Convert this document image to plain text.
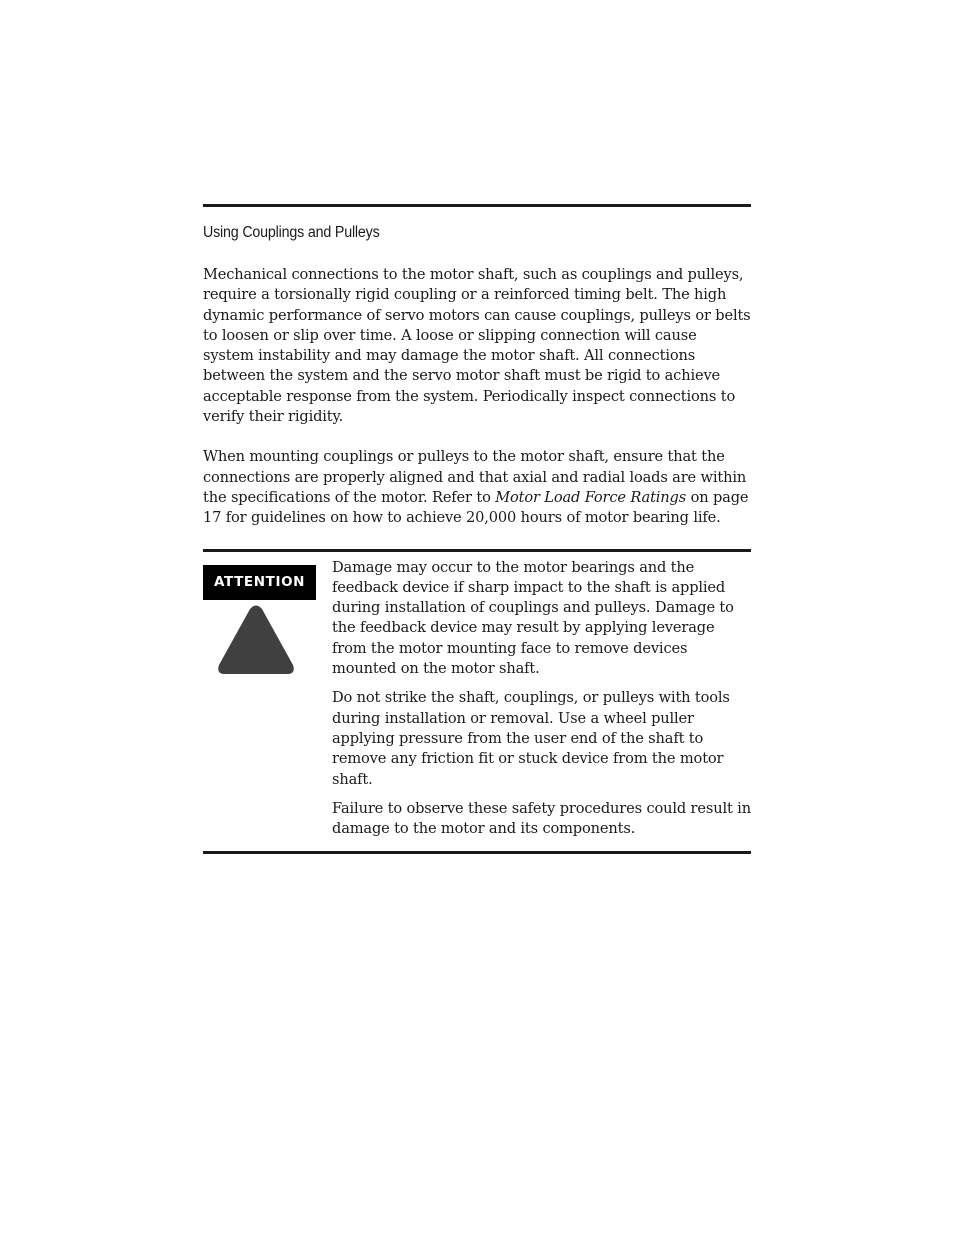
Using Couplings and Pulleys

Mechanical connections to the motor shaft, such as couplings and pulleys, require a torsionally rigid coupling or a reinforced timing belt. The high dynamic performance of servo motors can cause couplings, pulleys or belts to loosen or slip over time. A loose or slipping connection will cause system instability and may damage the motor shaft. All connections between the system and the servo motor shaft must be rigid to achieve acceptable response from the system. Periodically inspect connections to verify their rigidity.

When mounting couplings or pulleys to the motor shaft, ensure that the connections are properly aligned and that axial and radial loads are within the specifications of the motor. Refer to Motor Load Force Ratings on page 17 for guidelines on how to achieve 20,000 hours of motor bearing life.

ATTENTION

Damage may occur to the motor bearings and the feedback device if sharp impact to the shaft is applied during installation of couplings and pulleys. Damage to the feedback device may result by applying leverage from the motor mounting face to remove devices mounted on the motor shaft.

Do not strike the shaft, couplings, or pulleys with tools during installation or removal. Use a wheel puller applying pressure from the user end of the shaft to remove any friction fit or stuck device from the motor shaft.

Failure to observe these safety procedures could result in damage to the motor and its components.
